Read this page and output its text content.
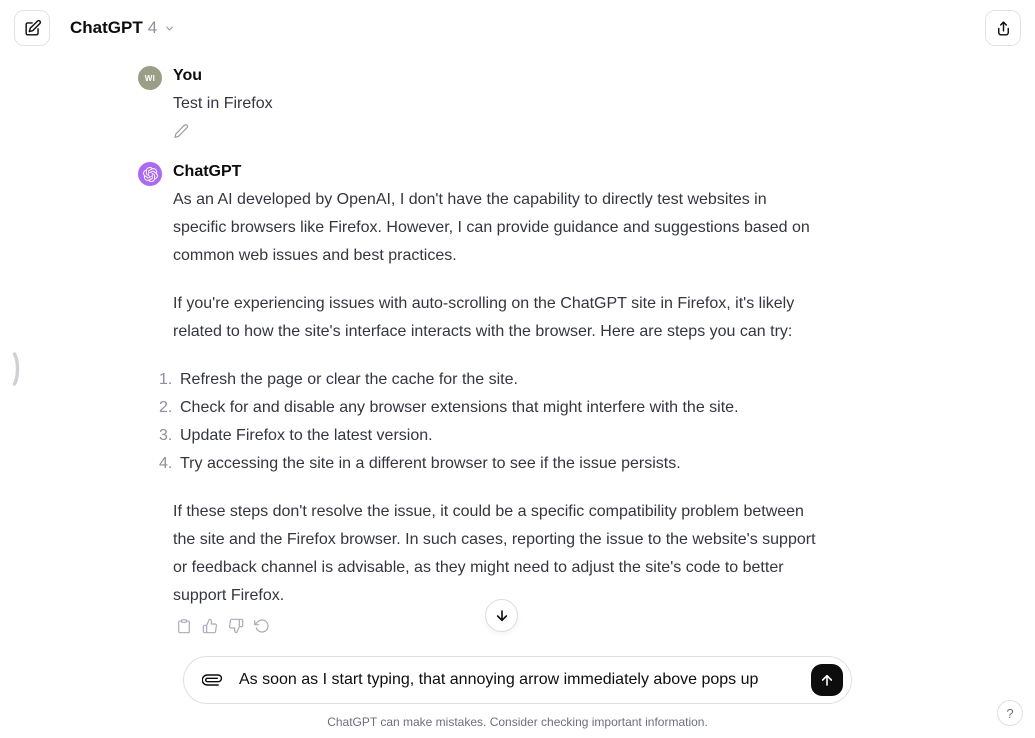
ChatGPT 4
WI You

Test in Firefox

ChatGPT

As an AI developed by OpenAI, I don't have the capability to directly test websites in specific browsers like Firefox. However, I can provide guidance and suggestions based on common web issues and best practices.

If you're experiencing issues with auto-scrolling on the ChatGPT site in Firefox, it's likely related to how the site's interface interacts with the browser. Here are steps you can try:

1. Refresh the page or clear the cache for the site.
2. Check for and disable any browser extensions that might interfere with the site.
3. Update Firefox to the latest version.
4. Try accessing the site in a different browser to see if the issue persists.

If these steps don't resolve the issue, it could be a specific compatibility problem between the site and the Firefox browser. In such cases, reporting the issue to the website's support or feedback channel is advisable, as they might need to adjust the site's code to better support Firefox.

As soon as I start typing, that annoying arrow immediately above pops up
ChatGPT can make mistakes. Consider checking important information.
?
